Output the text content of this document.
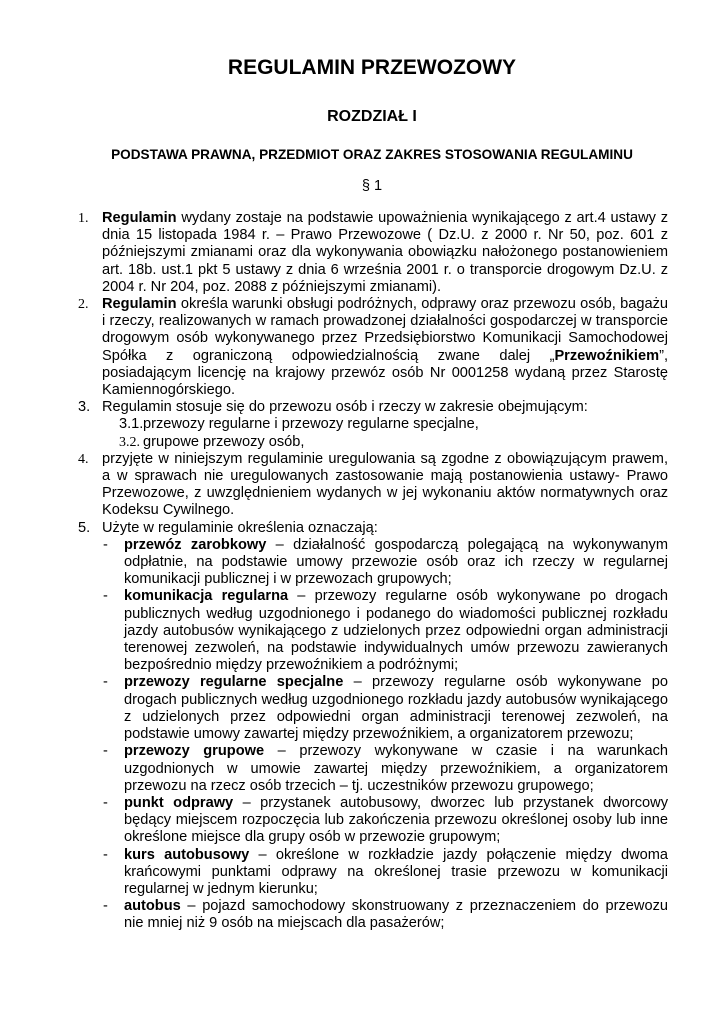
REGULAMIN PRZEWOZOWY
ROZDZIAŁ I
PODSTAWA PRAWNA, PRZEDMIOT ORAZ ZAKRES STOSOWANIA REGULAMINU
§ 1
1. Regulamin wydany zostaje na podstawie upoważnienia wynikającego z art.4 ustawy z dnia 15 listopada 1984 r. – Prawo Przewozowe ( Dz.U. z 2000 r. Nr 50, poz. 601 z późniejszymi zmianami oraz dla wykonywania obowiązku nałożonego postanowieniem art. 18b. ust.1 pkt 5 ustawy z dnia 6 września 2001 r. o transporcie drogowym Dz.U. z 2004 r. Nr 204, poz. 2088 z późniejszymi zmianami).
2. Regulamin określa warunki obsługi podróżnych, odprawy oraz przewozu osób, bagażu i rzeczy, realizowanych w ramach prowadzonej działalności gospodarczej w transporcie drogowym osób wykonywanego przez Przedsiębiorstwo Komunikacji Samochodowej Spółka z ograniczoną odpowiedzialnością zwane dalej „Przewoźnikiem”, posiadającym licencję na krajowy przewóz osób Nr 0001258 wydaną przez Starostę Kamiennogórskiego.
3. Regulamin stosuje się do przewozu osób i rzeczy w zakresie obejmującym:
3.1. przewozy regularne i przewozy regularne specjalne,
3.2. grupowe przewozy osób,
4. przyjęte w niniejszym regulaminie uregulowania są zgodne z obowiązującym prawem, a w sprawach nie uregulowanych zastosowanie mają postanowienia ustawy- Prawo Przewozowe, z uwzględnieniem wydanych w jej wykonaniu aktów normatywnych oraz Kodeksu Cywilnego.
5. Użyte w regulaminie określenia oznaczają:
- przewóz zarobkowy – działalność gospodarczą polegającą na wykonywanym odpłatnie, na podstawie umowy przewozie osób oraz ich rzeczy w regularnej komunikacji publicznej i w przewozach grupowych;
- komunikacja regularna – przewozy regularne osób wykonywane po drogach publicznych według uzgodnionego i podanego do wiadomości publicznej rozkładu jazdy autobusów wynikającego z udzielonych przez odpowiedni organ administracji terenowej zezwoleń, na podstawie indywidualnych umów przewozu zawieranych bezpośrednio między przewoźnikiem a podróżnymi;
- przewozy regularne specjalne – przewozy regularne osób wykonywane po drogach publicznych według uzgodnionego rozkładu jazdy autobusów wynikającego z udzielonych przez odpowiedni organ administracji terenowej zezwoleń, na podstawie umowy zawartej między przewoźnikiem, a organizatorem przewozu;
- przewozy grupowe – przewozy wykonywane w czasie i na warunkach uzgodnionych w umowie zawartej między przewoźnikiem, a organizatorem przewozu na rzecz osób trzecich – tj. uczestników przewozu grupowego;
- punkt odprawy – przystanek autobusowy, dworzec lub przystanek dworcowy będący miejscem rozpoczęcia lub zakończenia przewozu określonej osoby lub inne określone miejsce dla grupy osób w przewozie grupowym;
- kurs autobusowy – określone w rozkładzie jazdy połączenie między dwoma krańcowymi punktami odprawy na określonej trasie przewozu w komunikacji regularnej w jednym kierunku;
- autobus – pojazd samochodowy skonstruowany z przeznaczeniem do przewozu nie mniej niż 9 osób na miejscach dla pasażerów;
